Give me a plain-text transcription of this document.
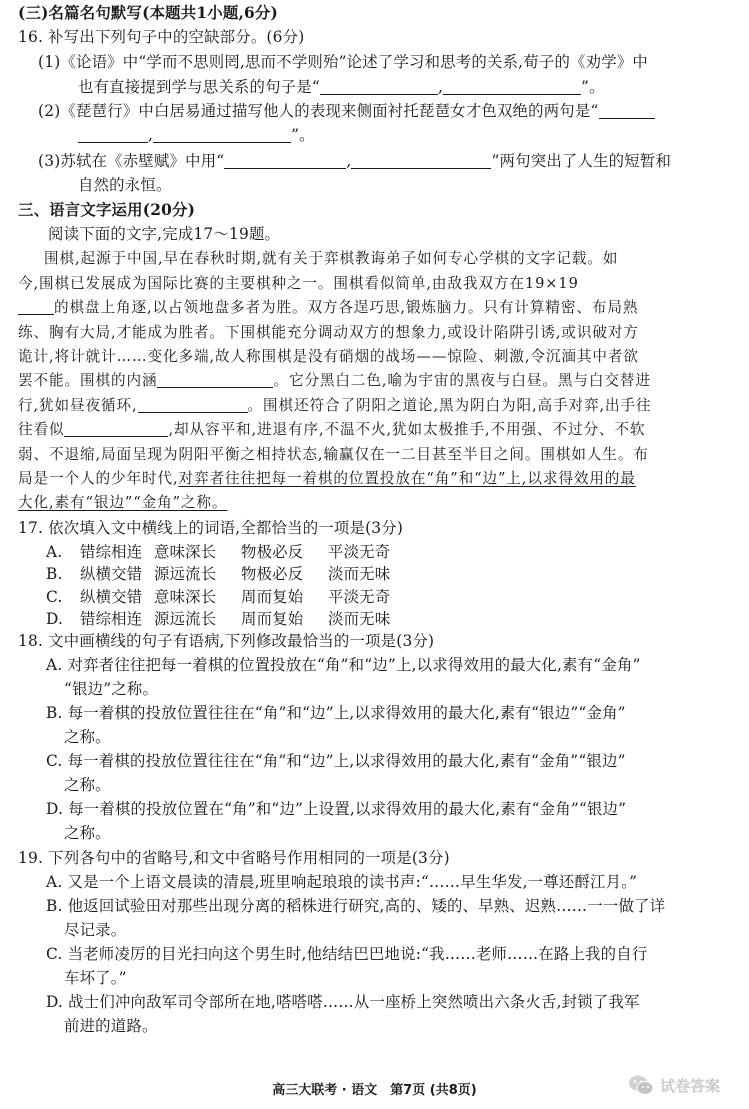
(三)名篇名句默写(本题共1小题,6分)
16. 补写出下列句子中的空缺部分。(6分)
(1)《论语》中“学而不思则罔,思而不学则殆”论述了学习和思考的关系,荀子的《劝学》中
也有直接提到学与思关系的句子是“	,	”。
(2)《琵琶行》中白居易通过描写他人的表现来侧面衬托琵琶女才色双绝的两句是“
,	”。
(3)苏轼在《赤壁赋》中用“	,	”两句突出了人生的短暂和
自然的永恒。
三、语言文字运用(20分)
阅读下面的文字,完成17～19题。
围棋,起源于中国,早在春秋时期,就有关于弈棋教诲弟子如何专心学棋的文字记载。如
今,围棋已发展成为国际比赛的主要棋种之一。围棋看似简单,由敌我双方在19×19
的棋盘上角逐,以占领地盘多者为胜。双方各逞巧思,锻炼脑力。只有计算精密、布局熟
练、胸有大局,才能成为胜者。下围棋能充分调动双方的想象力,或设计陷阱引诱,或识破对方
诡计,将计就计……变化多端,故人称围棋是没有硝烟的战场——惊险、刺激,令沉湎其中者欲
罢不能。围棋的内涵	。它分黑白二色,喻为宇宙的黑夜与白昼。黑与白交替进
行,犹如昼夜循环,	。围棋还符合了阴阳之道论,黑为阴白为阳,高手对弈,出手往
往看似	,却从容平和,进退有序,不温不火,犹如太极推手,不用强、不过分、不软
弱、不退缩,局面呈现为阴阳平衡之相持状态,输赢仅在一二目甚至半目之间。围棋如人生。布
局是一个人的少年时代,对弈者往往把每一着棋的位置投放在“角”和“边”上,以求得效用的最
大化,素有“银边”“金角”之称。
17. 依次填入文中横线上的词语,全都恰当的一项是(3分)
A. 错综相连 意味深长 物极必反 平淡无奇
B. 纵横交错 源远流长 物极必反 淡而无味
C. 纵横交错 意味深长 周而复始 平淡无奇
D. 错综相连 源远流长 周而复始 淡而无味
18. 文中画横线的句子有语病,下列修改最恰当的一项是(3分)
A. 对弈者往往把每一着棋的位置投放在“角”和“边”上,以求得效用的最大化,素有“金角”
“银边”之称。
B. 每一着棋的投放位置往往在“角”和“边”上,以求得效用的最大化,素有“银边”“金角”
之称。
C. 每一着棋的投放位置往往在“角”和“边”上,以求得效用的最大化,素有“金角”“银边”
之称。
D. 每一着棋的投放位置在“角”和“边”上设置,以求得效用的最大化,素有“金角”“银边”
之称。
19. 下列各句中的省略号,和文中省略号作用相同的一项是(3分)
A. 又是一个上语文晨读的清晨,班里响起琅琅的读书声:“……早生华发,一尊还酹江月。”
B. 他返回试验田对那些出现分离的稻株进行研究,高的、矮的、早熟、迟熟……一一做了详
尽记录。
C. 当老师凌厉的目光扫向这个男生时,他结结巴巴地说:“我……老师……在路上我的自行
车坏了。”
D. 战士们冲向敌军司令部所在地,嗒嗒嗒……从一座桥上突然喷出六条火舌,封锁了我军
前进的道路。
高三大联考 · 语文　第7页 (共8页)	试卷答案
